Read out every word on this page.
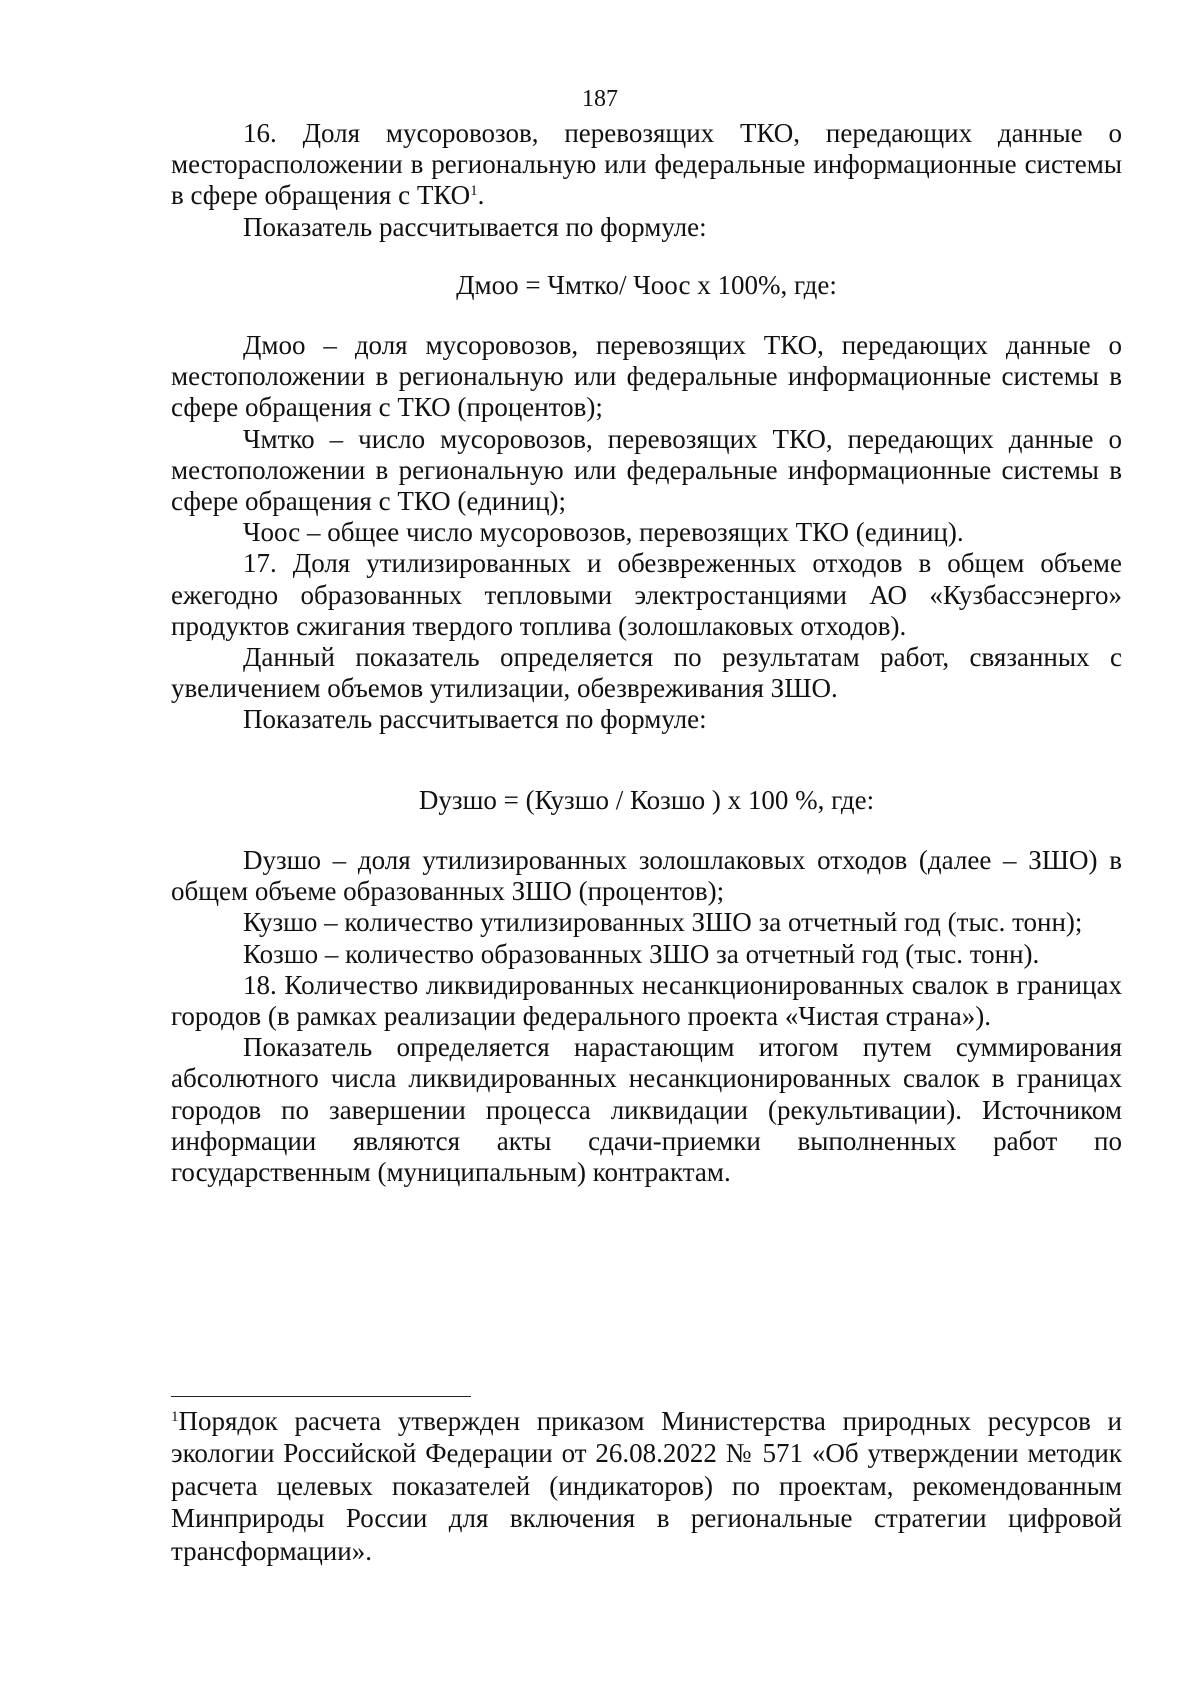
187

16. Доля мусоровозов, перевозящих ТКО, передающих данные о месторасположении в региональную или федеральные информационные системы в сфере обращения с ТКО$^1$.

Показатель рассчитывается по формуле:

Дмоо = Чмтко/ Чоос х 100%, где:

Дмоо – доля мусоровозов, перевозящих ТКО, передающих данные о местоположении в региональную или федеральные информационные системы в сфере обращения с ТКО (процентов);

Чмтко – число мусоровозов, перевозящих ТКО, передающих данные о местоположении в региональную или федеральные информационные системы в сфере обращения с ТКО (единиц);

Чоос – общее число мусоровозов, перевозящих ТКО (единиц).

17. Доля утилизированных и обезвреженных отходов в общем объеме ежегодно образованных тепловыми электростанциями АО «Кузбассэнерго» продуктов сжигания твердого топлива (золошлаковых отходов).

Данный показатель определяется по результатам работ, связанных с увеличением объемов утилизации, обезвреживания ЗШО.

Показатель рассчитывается по формуле:

Dузшо = (Кузшо / Козшо ) х 100 %, где:

Dузшо – доля утилизированных золошлаковых отходов (далее – ЗШО) в общем объеме образованных ЗШО (процентов);

Кузшо – количество утилизированных ЗШО за отчетный год (тыс. тонн);

Козшо – количество образованных ЗШО за отчетный год (тыс. тонн).

18. Количество ликвидированных несанкционированных свалок в границах городов (в рамках реализации федерального проекта «Чистая страна»).

Показатель определяется нарастающим итогом путем суммирования абсолютного числа ликвидированных несанкционированных свалок в границах городов по завершении процесса ликвидации (рекультивации). Источником информации являются акты сдачи-приемки выполненных работ по государственным (муниципальным) контрактам.

$^1$Порядок расчета утвержден приказом Министерства природных ресурсов и экологии Российской Федерации от 26.08.2022 № 571 «Об утверждении методик расчета целевых показателей (индикаторов) по проектам, рекомендованным Минприроды России для включения в региональные стратегии цифровой трансформации».
